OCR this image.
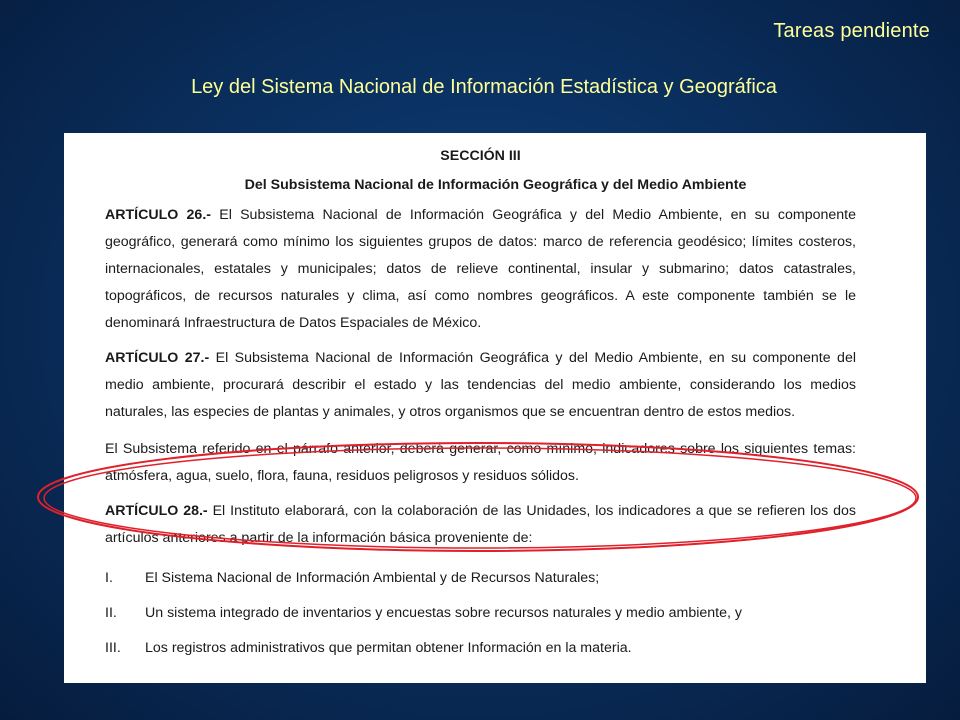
Tareas pendiente
Ley del Sistema Nacional de Información Estadística y Geográfica

SECCIÓN III

Del Subsistema Nacional de Información Geográfica y del Medio Ambiente

ARTÍCULO 26.- El Subsistema Nacional de Información Geográfica y del Medio Ambiente, en su componente geográfico, generará como mínimo los siguientes grupos de datos: marco de referencia geodésico; límites costeros, internacionales, estatales y municipales; datos de relieve continental, insular y submarino; datos catastrales, topográficos, de recursos naturales y clima, así como nombres geográficos. A este componente también se le denominará Infraestructura de Datos Espaciales de México.

ARTÍCULO 27.- El Subsistema Nacional de Información Geográfica y del Medio Ambiente, en su componente del medio ambiente, procurará describir el estado y las tendencias del medio ambiente, considerando los medios naturales, las especies de plantas y animales, y otros organismos que se encuentran dentro de estos medios.

El Subsistema referido en el párrafo anterior, deberá generar, como mínimo, indicadores sobre los siguientes temas: atmósfera, agua, suelo, flora, fauna, residuos peligrosos y residuos sólidos.

ARTÍCULO 28.- El Instituto elaborará, con la colaboración de las Unidades, los indicadores a que se refieren los dos artículos anteriores a partir de la información básica proveniente de:

I.	El Sistema Nacional de Información Ambiental y de Recursos Naturales;
II.	Un sistema integrado de inventarios y encuestas sobre recursos naturales y medio ambiente, y
III.	Los registros administrativos que permitan obtener Información en la materia.
